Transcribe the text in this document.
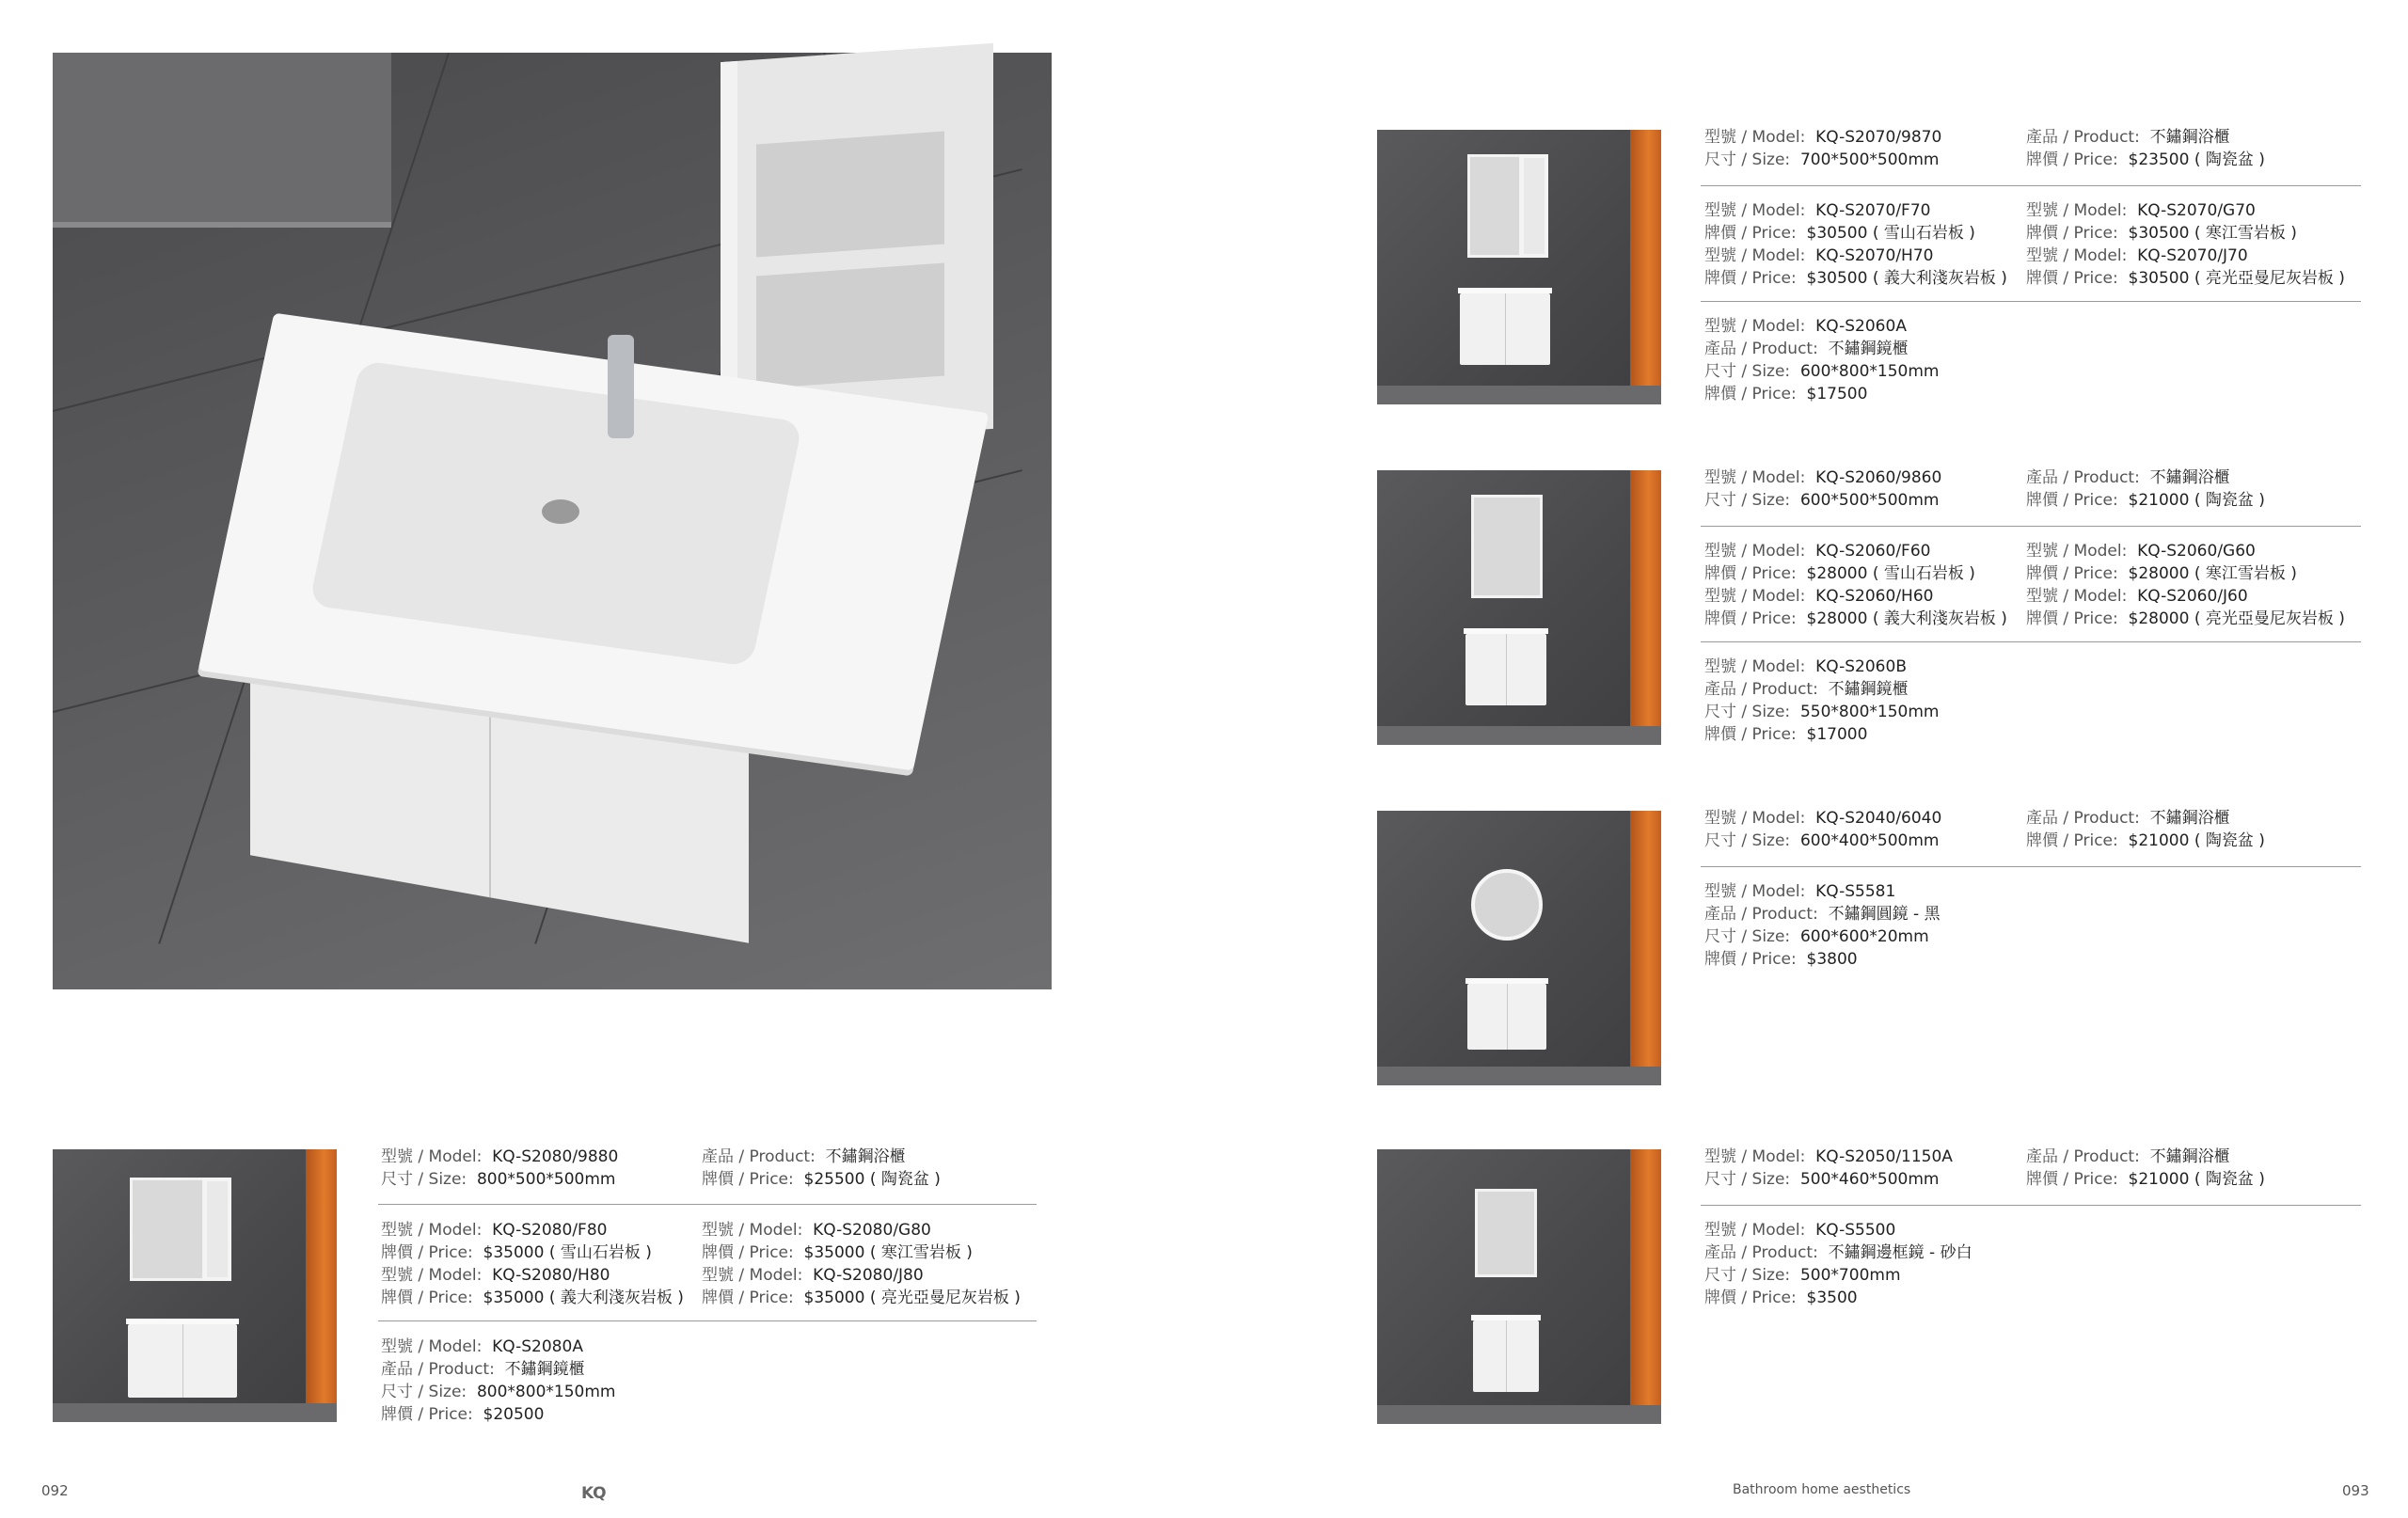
型號 / Model: KQ-S2080/9880
尺寸 / Size: 800*500*500mm
產品 / Product: 不鏽鋼浴櫃
牌價 / Price: $25500 ( 陶瓷盆 )
型號 / Model: KQ-S2080/F80
牌價 / Price: $35000 ( 雪山石岩板 )
型號 / Model: KQ-S2080/H80
牌價 / Price: $35000 ( 義大利淺灰岩板 )
型號 / Model: KQ-S2080/G80
牌價 / Price: $35000 ( 寒江雪岩板 )
型號 / Model: KQ-S2080/J80
牌價 / Price: $35000 ( 亮光亞曼尼灰岩板 )
型號 / Model: KQ-S2080A
產品 / Product: 不鏽鋼鏡櫃
尺寸 / Size: 800*800*150mm
牌價 / Price: $20500
型號 / Model: KQ-S2070/9870
尺寸 / Size: 700*500*500mm
產品 / Product: 不鏽鋼浴櫃
牌價 / Price: $23500 ( 陶瓷盆 )
型號 / Model: KQ-S2070/F70
牌價 / Price: $30500 ( 雪山石岩板 )
型號 / Model: KQ-S2070/H70
牌價 / Price: $30500 ( 義大利淺灰岩板 )
型號 / Model: KQ-S2070/G70
牌價 / Price: $30500 ( 寒江雪岩板 )
型號 / Model: KQ-S2070/J70
牌價 / Price: $30500 ( 亮光亞曼尼灰岩板 )
型號 / Model: KQ-S2060A
產品 / Product: 不鏽鋼鏡櫃
尺寸 / Size: 600*800*150mm
牌價 / Price: $17500
型號 / Model: KQ-S2060/9860
尺寸 / Size: 600*500*500mm
產品 / Product: 不鏽鋼浴櫃
牌價 / Price: $21000 ( 陶瓷盆 )
型號 / Model: KQ-S2060/F60
牌價 / Price: $28000 ( 雪山石岩板 )
型號 / Model: KQ-S2060/H60
牌價 / Price: $28000 ( 義大利淺灰岩板 )
型號 / Model: KQ-S2060/G60
牌價 / Price: $28000 ( 寒江雪岩板 )
型號 / Model: KQ-S2060/J60
牌價 / Price: $28000 ( 亮光亞曼尼灰岩板 )
型號 / Model: KQ-S2060B
產品 / Product: 不鏽鋼鏡櫃
尺寸 / Size: 550*800*150mm
牌價 / Price: $17000
型號 / Model: KQ-S2040/6040
尺寸 / Size: 600*400*500mm
產品 / Product: 不鏽鋼浴櫃
牌價 / Price: $21000 ( 陶瓷盆 )
型號 / Model: KQ-S5581
產品 / Product: 不鏽鋼圓鏡 - 黑
尺寸 / Size: 600*600*20mm
牌價 / Price: $3800
型號 / Model: KQ-S2050/1150A
尺寸 / Size: 500*460*500mm
產品 / Product: 不鏽鋼浴櫃
牌價 / Price: $21000 ( 陶瓷盆 )
型號 / Model: KQ-S5500
產品 / Product: 不鏽鋼邊框鏡 - 砂白
尺寸 / Size: 500*700mm
牌價 / Price: $3500
092	KQ	Bathroom home aesthetics	093
